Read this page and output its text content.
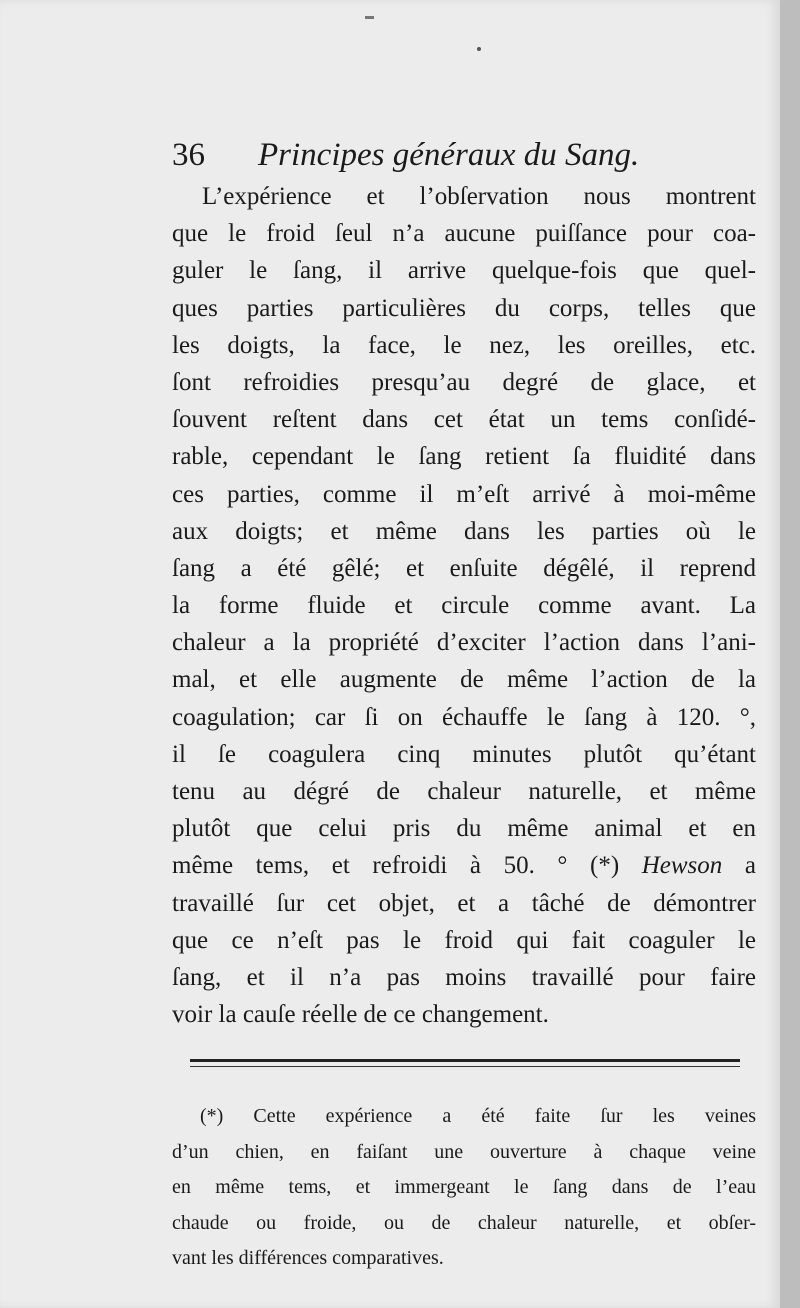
36 Principes généraux du Sang.
L’expérience et l’obſervation nous montrent
que le froid ſeul n’a aucune puiſſance pour coa-
guler le ſang, il arrive quelque-fois que quel-
ques parties particulières du corps, telles que
les doigts, la face, le nez, les oreilles, etc.
ſont refroidies presqu’au degré de glace, et
ſouvent reſtent dans cet état un tems conſidé-
rable, cependant le ſang retient ſa fluidité dans
ces parties, comme il m’eſt arrivé à moi-même
aux doigts; et même dans les parties où le
ſang a été gêlé; et enſuite dégêlé, il reprend
la forme fluide et circule comme avant. La
chaleur a la propriété d’exciter l’action dans l’ani-
mal, et elle augmente de même l’action de la
coagulation; car ſi on échauffe le ſang à 120. °,
il ſe coagulera cinq minutes plutôt qu’étant
tenu au dégré de chaleur naturelle, et même
plutôt que celui pris du même animal et en
même tems, et refroidi à 50. ° (*) Hewson a
travaillé ſur cet objet, et a tâché de démontrer
que ce n’eſt pas le froid qui fait coaguler le
ſang, et il n’a pas moins travaillé pour faire
voir la cauſe réelle de ce changement.
(*) Cette expérience a été faite ſur les veines
d’un chien, en faiſant une ouverture à chaque veine
en même tems, et immergeant le ſang dans de l’eau
chaude ou froide, ou de chaleur naturelle, et obſer-
vant les différences comparatives.
